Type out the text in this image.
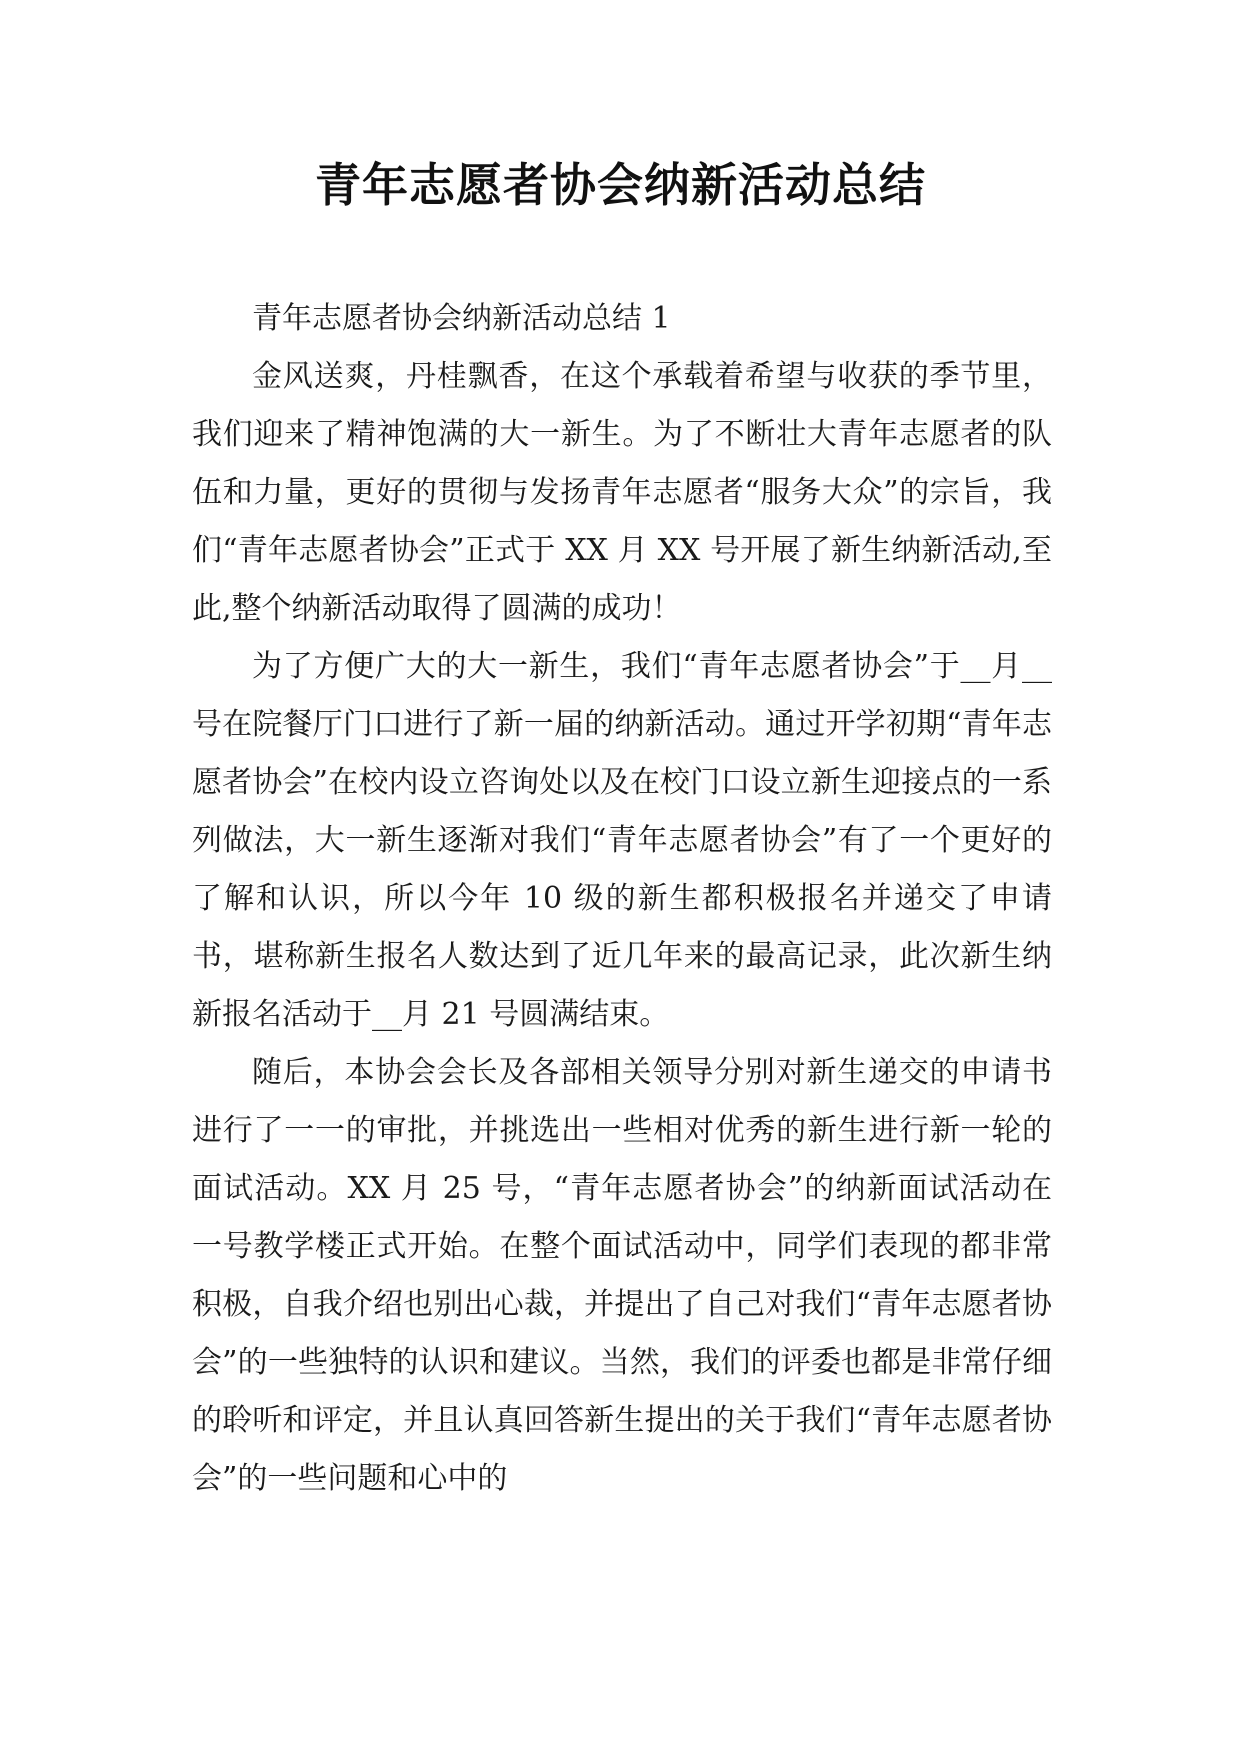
青年志愿者协会纳新活动总结

青年志愿者协会纳新活动总结 1

金风送爽，丹桂飘香，在这个承载着希望与收获的季节里，我们迎来了精神饱满的大一新生。为了不断壮大青年志愿者的队伍和力量，更好的贯彻与发扬青年志愿者“服务大众”的宗旨，我们“青年志愿者协会”正式于 XX 月 XX 号开展了新生纳新活动,至此,整个纳新活动取得了圆满的成功！

为了方便广大的大一新生，我们“青年志愿者协会”于__月__号在院餐厅门口进行了新一届的纳新活动。通过开学初期“青年志愿者协会”在校内设立咨询处以及在校门口设立新生迎接点的一系列做法，大一新生逐渐对我们“青年志愿者协会”有了一个更好的了解和认识，所以今年 10 级的新生都积极报名并递交了申请书，堪称新生报名人数达到了近几年来的最高记录，此次新生纳新报名活动于__月 21 号圆满结束。

随后，本协会会长及各部相关领导分别对新生递交的申请书进行了一一的审批，并挑选出一些相对优秀的新生进行新一轮的面试活动。XX 月 25 号，“青年志愿者协会”的纳新面试活动在一号教学楼正式开始。在整个面试活动中，同学们表现的都非常积极，自我介绍也别出心裁，并提出了自己对我们“青年志愿者协会”的一些独特的认识和建议。当然，我们的评委也都是非常仔细的聆听和评定，并且认真回答新生提出的关于我们“青年志愿者协会”的一些问题和心中的
